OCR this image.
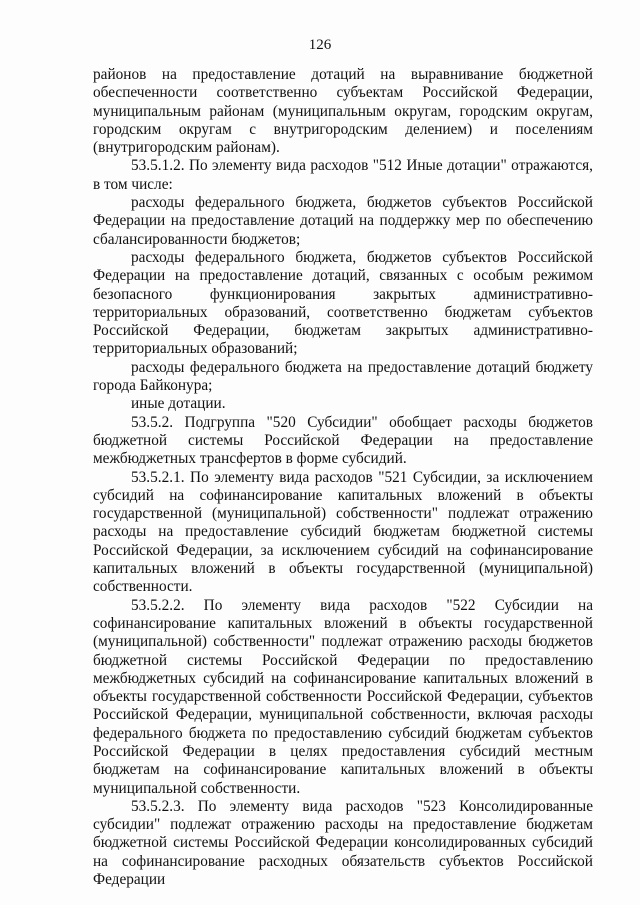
126

районов на предоставление дотаций на выравнивание бюджетной обеспеченности соответственно субъектам Российской Федерации, муниципальным районам (муниципальным округам, городским округам, городским округам с внутригородским делением) и поселениям (внутригородским районам).

53.5.1.2. По элементу вида расходов "512 Иные дотации" отражаются, в том числе:

расходы федерального бюджета, бюджетов субъектов Российской Федерации на предоставление дотаций на поддержку мер по обеспечению сбалансированности бюджетов;

расходы федерального бюджета, бюджетов субъектов Российской Федерации на предоставление дотаций, связанных с особым режимом безопасного функционирования закрытых административно-территориальных образований, соответственно бюджетам субъектов Российской Федерации, бюджетам закрытых административно-территориальных образований;

расходы федерального бюджета на предоставление дотаций бюджету города Байконура;

иные дотации.

53.5.2. Подгруппа "520 Субсидии" обобщает расходы бюджетов бюджетной системы Российской Федерации на предоставление межбюджетных трансфертов в форме субсидий.

53.5.2.1. По элементу вида расходов "521 Субсидии, за исключением субсидий на софинансирование капитальных вложений в объекты государственной (муниципальной) собственности" подлежат отражению расходы на предоставление субсидий бюджетам бюджетной системы Российской Федерации, за исключением субсидий на софинансирование капитальных вложений в объекты государственной (муниципальной) собственности.

53.5.2.2. По элементу вида расходов "522 Субсидии на софинансирование капитальных вложений в объекты государственной (муниципальной) собственности" подлежат отражению расходы бюджетов бюджетной системы Российской Федерации по предоставлению межбюджетных субсидий на софинансирование капитальных вложений в объекты государственной собственности Российской Федерации, субъектов Российской Федерации, муниципальной собственности, включая расходы федерального бюджета по предоставлению субсидий бюджетам субъектов Российской Федерации в целях предоставления субсидий местным бюджетам на софинансирование капитальных вложений в объекты муниципальной собственности.

53.5.2.3. По элементу вида расходов "523 Консолидированные субсидии" подлежат отражению расходы на предоставление бюджетам бюджетной системы Российской Федерации консолидированных субсидий на софинансирование расходных обязательств субъектов Российской Федерации
